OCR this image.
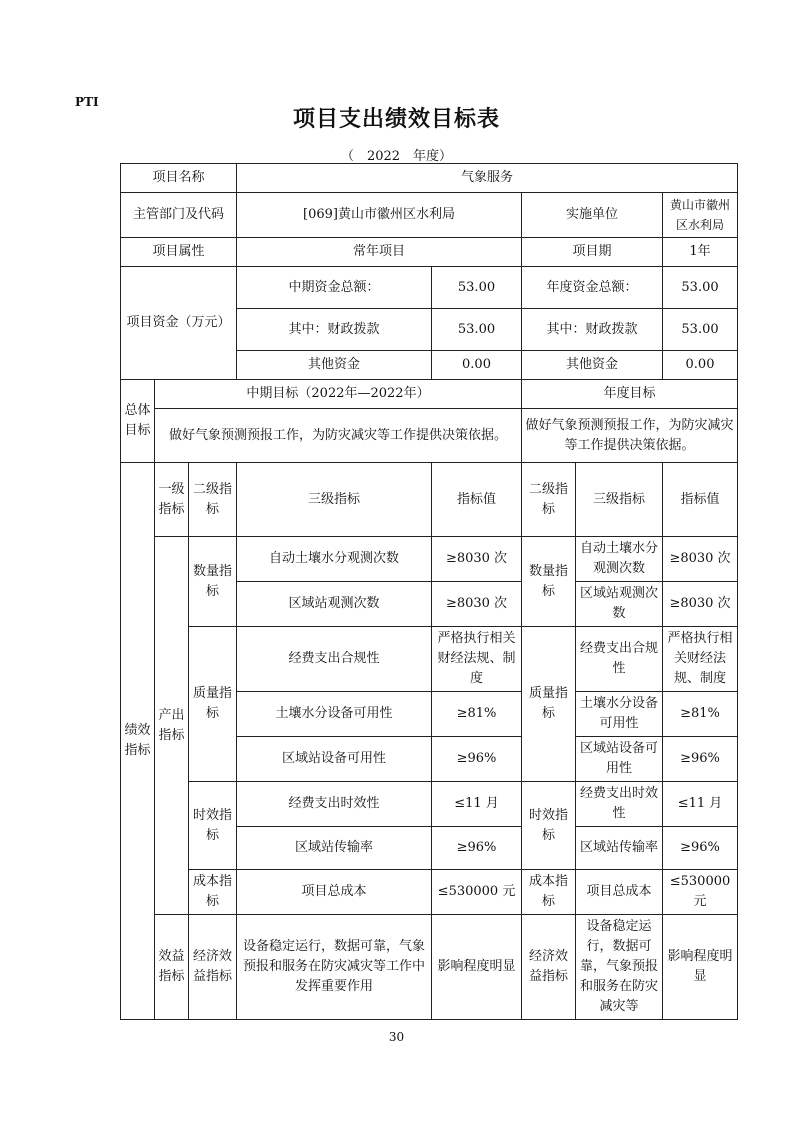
PTI
项目支出绩效目标表
（　2022　年度）
项目名称			气象服务				
主管部门及代码			[069]黄山市徽州区水利局		实施单位		黄山市徽州区水利局
项目属性			常年项目		项目期		1年
项目资金（万元）			中期资金总额：	53.00	年度资金总额：		53.00
			其中：财政拨款	53.00	其中：财政拨款		53.00
			其他资金	0.00	其他资金		0.00
总体目标	中期目标（2022年—2022年）				年度目标		
	做好气象预测预报工作，为防灾减灾等工作提供决策依据。				做好气象预测预报工作，为防灾减灾等工作提供决策依据。		
绩效指标	一级指标	二级指标	三级指标	指标值	二级指标	三级指标	指标值
	产出指标	数量指标	自动土壤水分观测次数	≥8030 次	数量指标	自动土壤水分观测次数	≥8030 次
			区域站观测次数	≥8030 次		区域站观测次数	≥8030 次
		质量指标	经费支出合规性	严格执行相关财经法规、制度	质量指标	经费支出合规性	严格执行相关财经法规、制度
			土壤水分设备可用性	≥81%		土壤水分设备可用性	≥81%
			区域站设备可用性	≥96%		区域站设备可用性	≥96%
		时效指标	经费支出时效性	≤11 月	时效指标	经费支出时效性	≤11 月
			区域站传输率	≥96%		区域站传输率	≥96%
		成本指标	项目总成本	≤530000 元	成本指标	项目总成本	≤530000元
	效益指标	经济效益指标	设备稳定运行，数据可靠，气象预报和服务在防灾减灾等工作中发挥重要作用	影响程度明显	经济效益指标	设备稳定运行，数据可靠，气象预报和服务在防灾减灾等	影响程度明显
30
